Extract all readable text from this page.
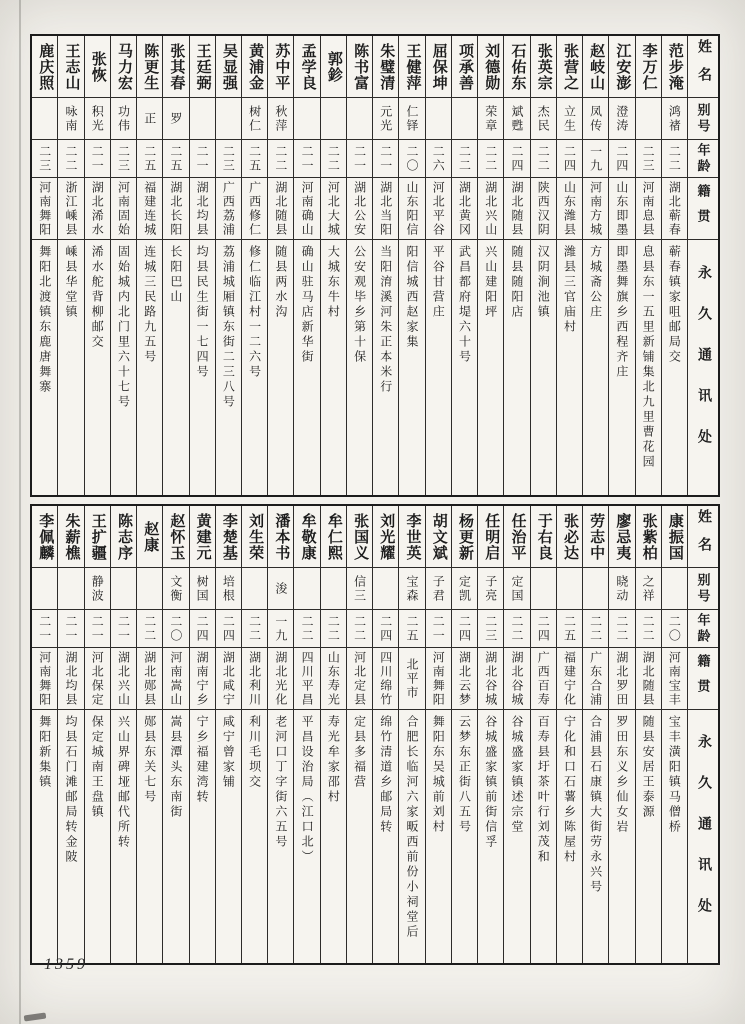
姓名
别号
年龄
籍贯
永久通讯处
范步淹
鸿禇
二二
湖北蕲春
蕲春镇家咀邮局交
李万仁
二三
河南息县
息县东一五里新铺集北九里曹花园
江安澎
澄涛
二四
山东即墨
即墨舞旗乡西程齐庄
赵岐山
凤传
一九
河南方城
方城斋公庄
张营之
立生
二四
山东潍县
潍县三官庙村
张英宗
杰民
二二
陕西汉阴
汉阴涧池镇
石佑东
斌甦
二四
湖北随县
随县随阳店
刘德勋
荣章
二二
湖北兴山
兴山建阳坪
项承善
二二
湖北黄冈
武昌都府堤六十号
屈保坤
二六
河北平谷
平谷甘营庄
王健萍
仁铎
二〇
山东阳信
阳信城西赵家集
朱璧清
元光
二一
湖北当阳
当阳淯溪河朱正本米行
陈书富
二一
湖北公安
公安观毕乡第十保
郭鉁
二二
河北大城
大城东牛村
孟学良
二一
河南确山
确山驻马店新华街
苏中平
秋萍
二二
湖北随县
随县两水沟
黄浦金
树仁
二五
广西修仁
修仁临江村一二六号
吴显强
二三
广西荔浦
荔浦城厢镇东街二三八号
王廷弼
二一
湖北均县
均县民生街一七四号
张其春
罗
二五
湖北长阳
长阳巴山
陈更生
正
二五
福建连城
连城三民路九五号
马力宏
功伟
二三
河南固始
固始城内北门里六十七号
张恢
积光
二一
湖北浠水
浠水舵背柳邮交
王志山
咏南
二二
浙江嵊县
嵊县华堂镇
鹿庆照
二三
河南舞阳
舞阳北渡镇东鹿唐舞寨
姓名
别号
年龄
籍贯
永久通讯处
康振国
二〇
河南宝丰
宝丰潢阳镇马僧桥
张紫柏
之祥
二二
湖北随县
随县安居王泰源
廖忌夷
晓动
二二
湖北罗田
罗田东义乡仙女岩
劳志中
二二
广东合浦
合浦县石康镇大街劳永兴号
张必达
二五
福建宁化
宁化和口石薯乡陈屋村
于右良
二四
广西百寿
百寿县圩茶叶行刘茂和
任治平
定国
二二
湖北谷城
谷城盛家镇述宗堂
任明启
子亮
二三
湖北谷城
谷城盛家镇前街信孚
杨更新
定凯
二四
湖北云梦
云梦东正街八五号
胡文斌
子君
二一
河南舞阳
舞阳东吴城前刘村
李世英
宝森
二五
北平市
合肥长临河六家畈西前份小祠堂后
刘光耀
二四
四川绵竹
绵竹清道乡邮局转
张国义
信三
二二
河北定县
定县多福营
牟仁熙
二二
山东寿光
寿光牟家邵村
牟敬康
二二
四川平昌
平昌设治局（江口北）
潘本书
浚
一九
湖北光化
老河口丁字街六五号
刘生荣
二二
湖北利川
利川毛坝交
李楚基
培根
二四
湖北咸宁
咸宁曾家铺
黄建元
树国
二四
湖南宁乡
宁乡福建湾转
赵怀玉
文衡
二〇
河南嵩山
嵩县潭头东南街
赵康
二二
湖北郧县
郧县东关七号
陈志序
二一
湖北兴山
兴山界碑垭邮代所转
王扩疆
静波
二一
河北保定
保定城南王盘镇
朱薪樵
二一
湖北均县
均县石门滩邮局转金陂
李佩麟
二一
河南舞阳
舞阳新集镇
1359
